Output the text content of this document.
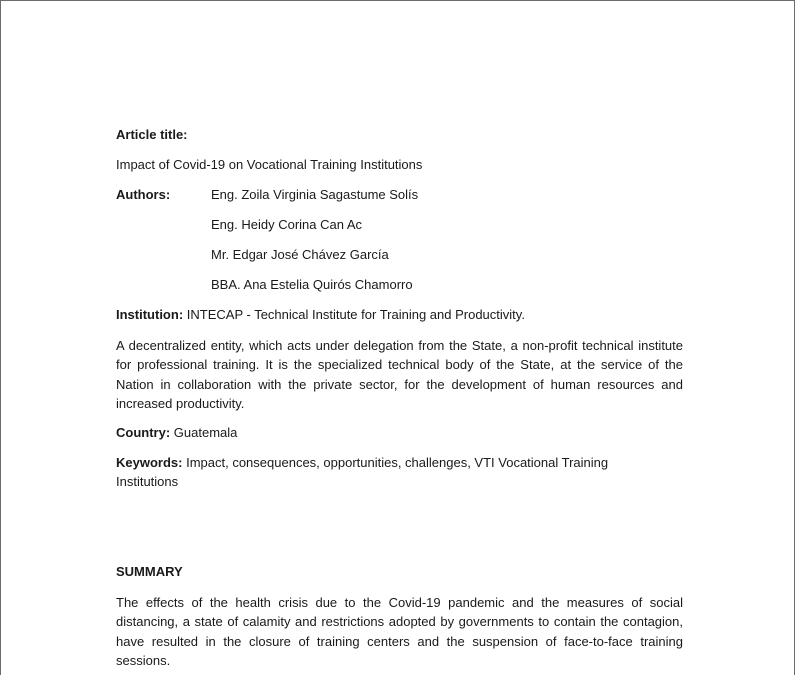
Article title:
Impact of Covid-19 on Vocational Training Institutions
Authors:	Eng. Zoila Virginia Sagastume Solís
Eng. Heidy Corina Can Ac
Mr. Edgar José Chávez García
BBA. Ana Estelia Quirós Chamorro
Institution: INTECAP - Technical Institute for Training and Productivity.
A decentralized entity, which acts under delegation from the State, a non-profit technical institute for professional training. It is the specialized technical body of the State, at the service of the Nation in collaboration with the private sector, for the development of human resources and increased productivity.
Country: Guatemala
Keywords: Impact, consequences, opportunities, challenges, VTI Vocational Training
Institutions
SUMMARY
The effects of the health crisis due to the Covid-19 pandemic and the measures of social distancing, a state of calamity and restrictions adopted by governments to contain the contagion, have resulted in the closure of training centers and the suspension of face-to-face training sessions.
